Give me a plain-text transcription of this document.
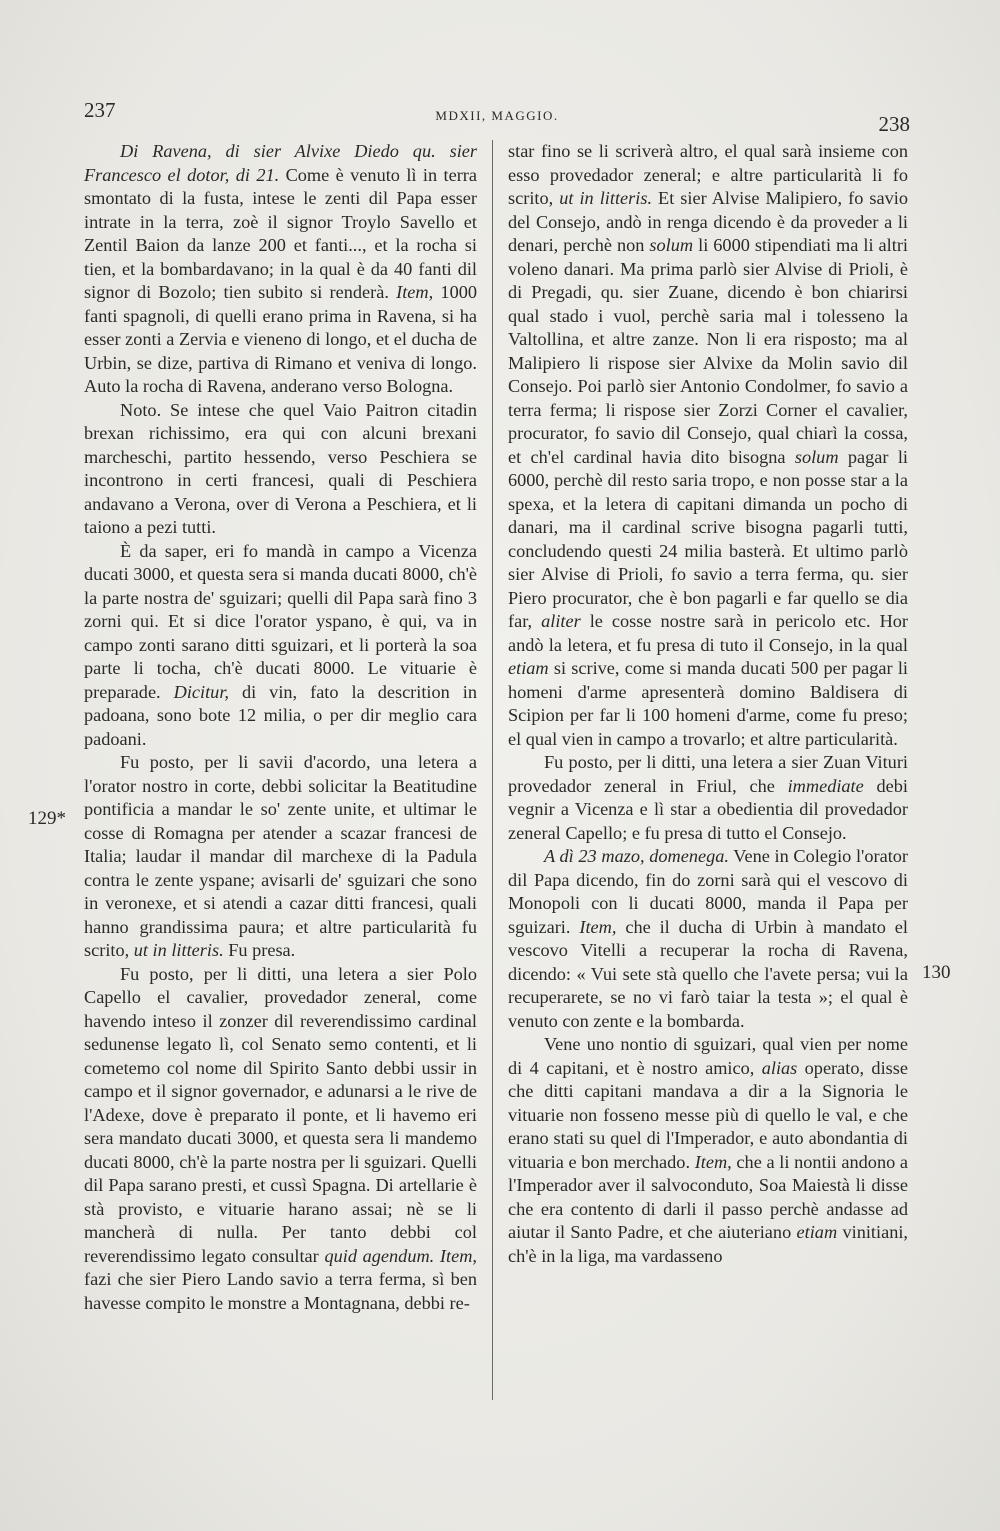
237	MDXII, MAGGIO.	238
129*
130

Di Ravena, di sier Alvixe Diedo qu. sier Francesco el dotor, di 21. Come è venuto lì in terra smontato di la fusta, intese le zenti dil Papa esser intrate in la terra, zoè il signor Troylo Savello et Zentil Baion da lanze 200 et fanti..., et la rocha si tien, et la bombardavano; in la qual è da 40 fanti dil signor di Bozolo; tien subito si renderà. Item, 1000 fanti spagnoli, di quelli erano prima in Ravena, si ha esser zonti a Zervia e vieneno di longo, et el ducha de Urbin, se dize, partiva di Rimano et veniva di longo. Auto la rocha di Ravena, anderano verso Bologna.

Noto. Se intese che quel Vaio Paitron citadin brexan richissimo, era qui con alcuni brexani marcheschi, partito hessendo, verso Peschiera se incontrono in certi francesi, quali di Peschiera andavano a Verona, over di Verona a Peschiera, et li taiono a pezi tutti.

È da saper, eri fo mandà in campo a Vicenza ducati 3000, et questa sera si manda ducati 8000, ch'è la parte nostra de' sguizari; quelli dil Papa sarà fino 3 zorni qui. Et si dice l'orator yspano, è qui, va in campo zonti sarano ditti sguizari, et li porterà la soa parte li tocha, ch'è ducati 8000. Le vituarie è preparade. Dicitur, di vin, fato la descrition in padoana, sono bote 12 milia, o per dir meglio cara padoani.

Fu posto, per li savii d'acordo, una letera a l'orator nostro in corte, debbi solicitar la Beatitudine pontificia a mandar le so' zente unite, et ultimar le cosse di Romagna per atender a scazar francesi de Italia; laudar il mandar dil marchexe di la Padula contra le zente yspane; avisarli de' sguizari che sono in veronexe, et si atendi a cazar ditti francesi, quali hanno grandissima paura; et altre particularità fu scrito, ut in litteris. Fu presa.

Fu posto, per li ditti, una letera a sier Polo Capello el cavalier, provedador zeneral, come havendo inteso il zonzer dil reverendissimo cardinal sedunense legato lì, col Senato semo contenti, et li cometemo col nome dil Spirito Santo debbi ussir in campo et il signor governador, e adunarsi a le rive de l'Adexe, dove è preparato il ponte, et li havemo eri sera mandato ducati 3000, et questa sera li mandemo ducati 8000, ch'è la parte nostra per li sguizari. Quelli dil Papa sarano presti, et cussì Spagna. Di artellarie è stà provisto, e vituarie harano assai; nè se li mancherà di nulla. Per tanto debbi col reverendissimo legato consultar quid agendum. Item, fazi che sier Piero Lando savio a terra ferma, sì ben havesse compito le monstre a Montagnana, debbi re-

star fino se li scriverà altro, el qual sarà insieme con esso provedador zeneral; e altre particularità li fo scrito, ut in litteris. Et sier Alvise Malipiero, fo savio del Consejo, andò in renga dicendo è da proveder a li denari, perchè non solum li 6000 stipendiati ma li altri voleno danari. Ma prima parlò sier Alvise di Prioli, è di Pregadi, qu. sier Zuane, dicendo è bon chiarirsi qual stado i vuol, perchè saria mal i tolesseno la Valtollina, et altre zanze. Non li era risposto; ma al Malipiero li rispose sier Alvixe da Molin savio dil Consejo. Poi parlò sier Antonio Condolmer, fo savio a terra ferma; li rispose sier Zorzi Corner el cavalier, procurator, fo savio dil Consejo, qual chiarì la cossa, et ch'el cardinal havia dito bisogna solum pagar li 6000, perchè dil resto saria tropo, e non posse star a la spexa, et la letera di capitani dimanda un pocho di danari, ma il cardinal scrive bisogna pagarli tutti, concludendo questi 24 milia basterà. Et ultimo parlò sier Alvise di Prioli, fo savio a terra ferma, qu. sier Piero procurator, che è bon pagarli e far quello se dia far, aliter le cosse nostre sarà in pericolo etc. Hor andò la letera, et fu presa di tuto il Consejo, in la qual etiam si scrive, come si manda ducati 500 per pagar li homeni d'arme apresenterà domino Baldisera di Scipion per far li 100 homeni d'arme, come fu preso; el qual vien in campo a trovarlo; et altre particularità.

Fu posto, per li ditti, una letera a sier Zuan Vituri provedador zeneral in Friul, che immediate debi vegnir a Vicenza e lì star a obedientia dil provedador zeneral Capello; e fu presa di tutto el Consejo.

A dì 23 mazo, domenega. Vene in Colegio l'orator dil Papa dicendo, fin do zorni sarà qui el vescovo di Monopoli con li ducati 8000, manda il Papa per sguizari. Item, che il ducha di Urbin à mandato el vescovo Vitelli a recuperar la rocha di Ravena, dicendo: « Vui sete stà quello che l'avete persa; vui la recuperarete, se no vi farò taiar la testa »; el qual è venuto con zente e la bombarda.

Vene uno nontio di sguizari, qual vien per nome di 4 capitani, et è nostro amico, alias operato, disse che ditti capitani mandava a dir a la Signoria le vituarie non fosseno messe più di quello le val, e che erano stati su quel di l'Imperador, e auto abondantia di vituaria e bon merchado. Item, che a li nontii andono a l'Imperador aver il salvoconduto, Soa Maiestà li disse che era contento di darli il passo perchè andasse ad aiutar il Santo Padre, et che aiuteriano etiam vinitiani, ch'è in la liga, ma vardasseno
